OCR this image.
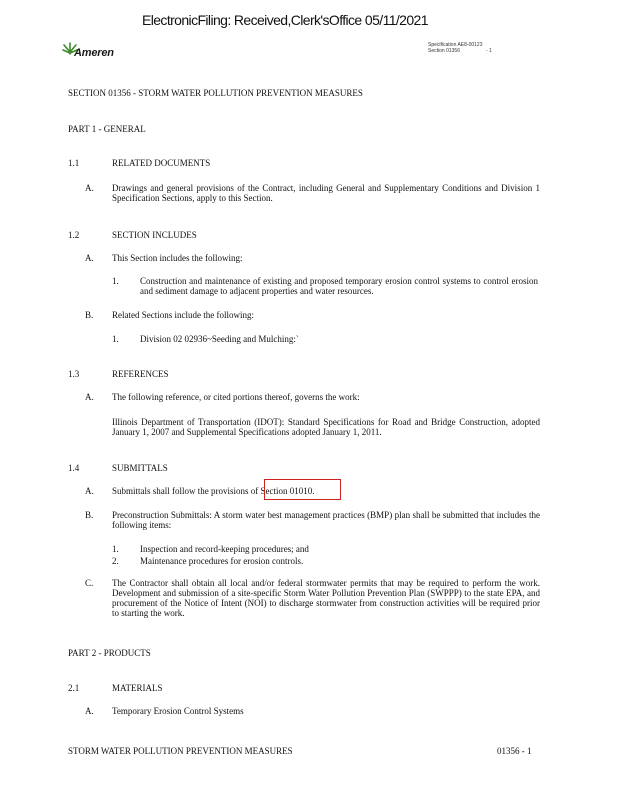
ElectronicFiling: Received,Clerk'sOffice 05/11/2021
Ameren
Specification AE8-00123
Section 01356	- 1
SECTION 01356 - STORM WATER POLLUTION PREVENTION MEASURES
PART 1 - GENERAL
1.1	RELATED DOCUMENTS
A. Drawings and general provisions of the Contract, including General and Supplementary Conditions and Division 1 Specification Sections, apply to this Section.
1.2	SECTION INCLUDES
A. This Section includes the following:
1. Construction and maintenance of existing and proposed temporary erosion control systems to control erosion and sediment damage to adjacent properties and water resources.
B. Related Sections include the following:
1. Division 02 02936~Seeding and Mulching:`
1.3	REFERENCES
A. The following reference, or cited portions thereof, governs the work:
Illinois Department of Transportation (IDOT): Standard Specifications for Road and Bridge Construction, adopted January 1, 2007 and Supplemental Specifications adopted January 1, 2011.
1.4	SUBMITTALS
A. Submittals shall follow the provisions of Section 01010.
B. Preconstruction Submittals: A storm water best management practices (BMP) plan shall be submitted that includes the following items:
1. Inspection and record-keeping procedures; and
2. Maintenance procedures for erosion controls.
C. The Contractor shall obtain all local and/or federal stormwater permits that may be required to perform the work. Development and submission of a site-specific Storm Water Pollution Prevention Plan (SWPPP) to the state EPA, and procurement of the Notice of Intent (NOI) to discharge stormwater from construction activities will be required prior to starting the work.
PART 2 - PRODUCTS
2.1	MATERIALS
A. Temporary Erosion Control Systems
STORM WATER POLLUTION PREVENTION MEASURES	01356 - 1
